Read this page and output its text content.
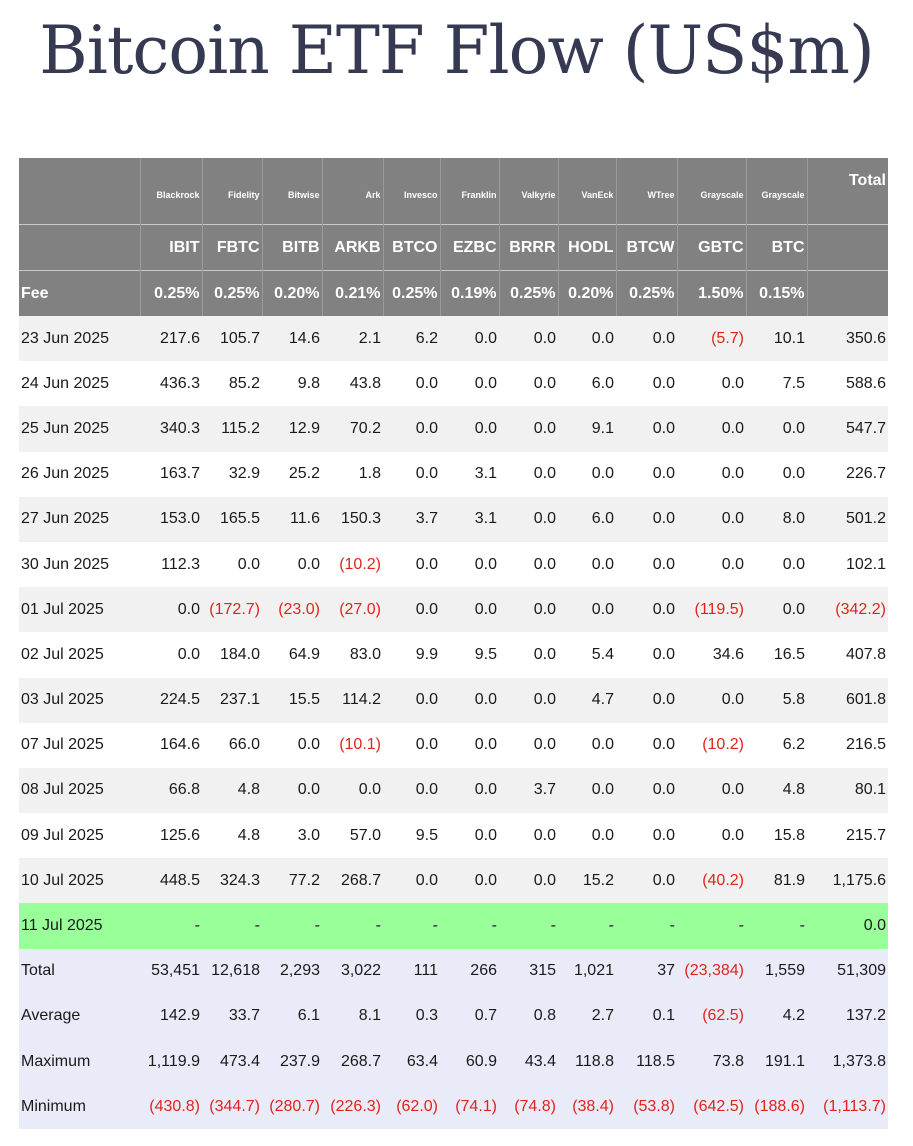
Bitcoin ETF Flow (US$m)
	Blackrock	Fidelity	Bitwise	Ark	Invesco	Franklin	Valkyrie	VanEck	WTree	Grayscale	Grayscale	Total
	IBIT	FBTC	BITB	ARKB	BTCO	EZBC	BRRR	HODL	BTCW	GBTC	BTC	
Fee	0.25%	0.25%	0.20%	0.21%	0.25%	0.19%	0.25%	0.20%	0.25%	1.50%	0.15%	
23 Jun 2025	217.6	105.7	14.6	2.1	6.2	0.0	0.0	0.0	0.0	(5.7)	10.1	350.6
24 Jun 2025	436.3	85.2	9.8	43.8	0.0	0.0	0.0	6.0	0.0	0.0	7.5	588.6
25 Jun 2025	340.3	115.2	12.9	70.2	0.0	0.0	0.0	9.1	0.0	0.0	0.0	547.7
26 Jun 2025	163.7	32.9	25.2	1.8	0.0	3.1	0.0	0.0	0.0	0.0	0.0	226.7
27 Jun 2025	153.0	165.5	11.6	150.3	3.7	3.1	0.0	6.0	0.0	0.0	8.0	501.2
30 Jun 2025	112.3	0.0	0.0	(10.2)	0.0	0.0	0.0	0.0	0.0	0.0	0.0	102.1
01 Jul 2025	0.0	(172.7)	(23.0)	(27.0)	0.0	0.0	0.0	0.0	0.0	(119.5)	0.0	(342.2)
02 Jul 2025	0.0	184.0	64.9	83.0	9.9	9.5	0.0	5.4	0.0	34.6	16.5	407.8
03 Jul 2025	224.5	237.1	15.5	114.2	0.0	0.0	0.0	4.7	0.0	0.0	5.8	601.8
07 Jul 2025	164.6	66.0	0.0	(10.1)	0.0	0.0	0.0	0.0	0.0	(10.2)	6.2	216.5
08 Jul 2025	66.8	4.8	0.0	0.0	0.0	0.0	3.7	0.0	0.0	0.0	4.8	80.1
09 Jul 2025	125.6	4.8	3.0	57.0	9.5	0.0	0.0	0.0	0.0	0.0	15.8	215.7
10 Jul 2025	448.5	324.3	77.2	268.7	0.0	0.0	0.0	15.2	0.0	(40.2)	81.9	1,175.6
11 Jul 2025	-	-	-	-	-	-	-	-	-	-	-	0.0
Total	53,451	12,618	2,293	3,022	111	266	315	1,021	37	(23,384)	1,559	51,309
Average	142.9	33.7	6.1	8.1	0.3	0.7	0.8	2.7	0.1	(62.5)	4.2	137.2
Maximum	1,119.9	473.4	237.9	268.7	63.4	60.9	43.4	118.8	118.5	73.8	191.1	1,373.8
Minimum	(430.8)	(344.7)	(280.7)	(226.3)	(62.0)	(74.1)	(74.8)	(38.4)	(53.8)	(642.5)	(188.6)	(1,113.7)
